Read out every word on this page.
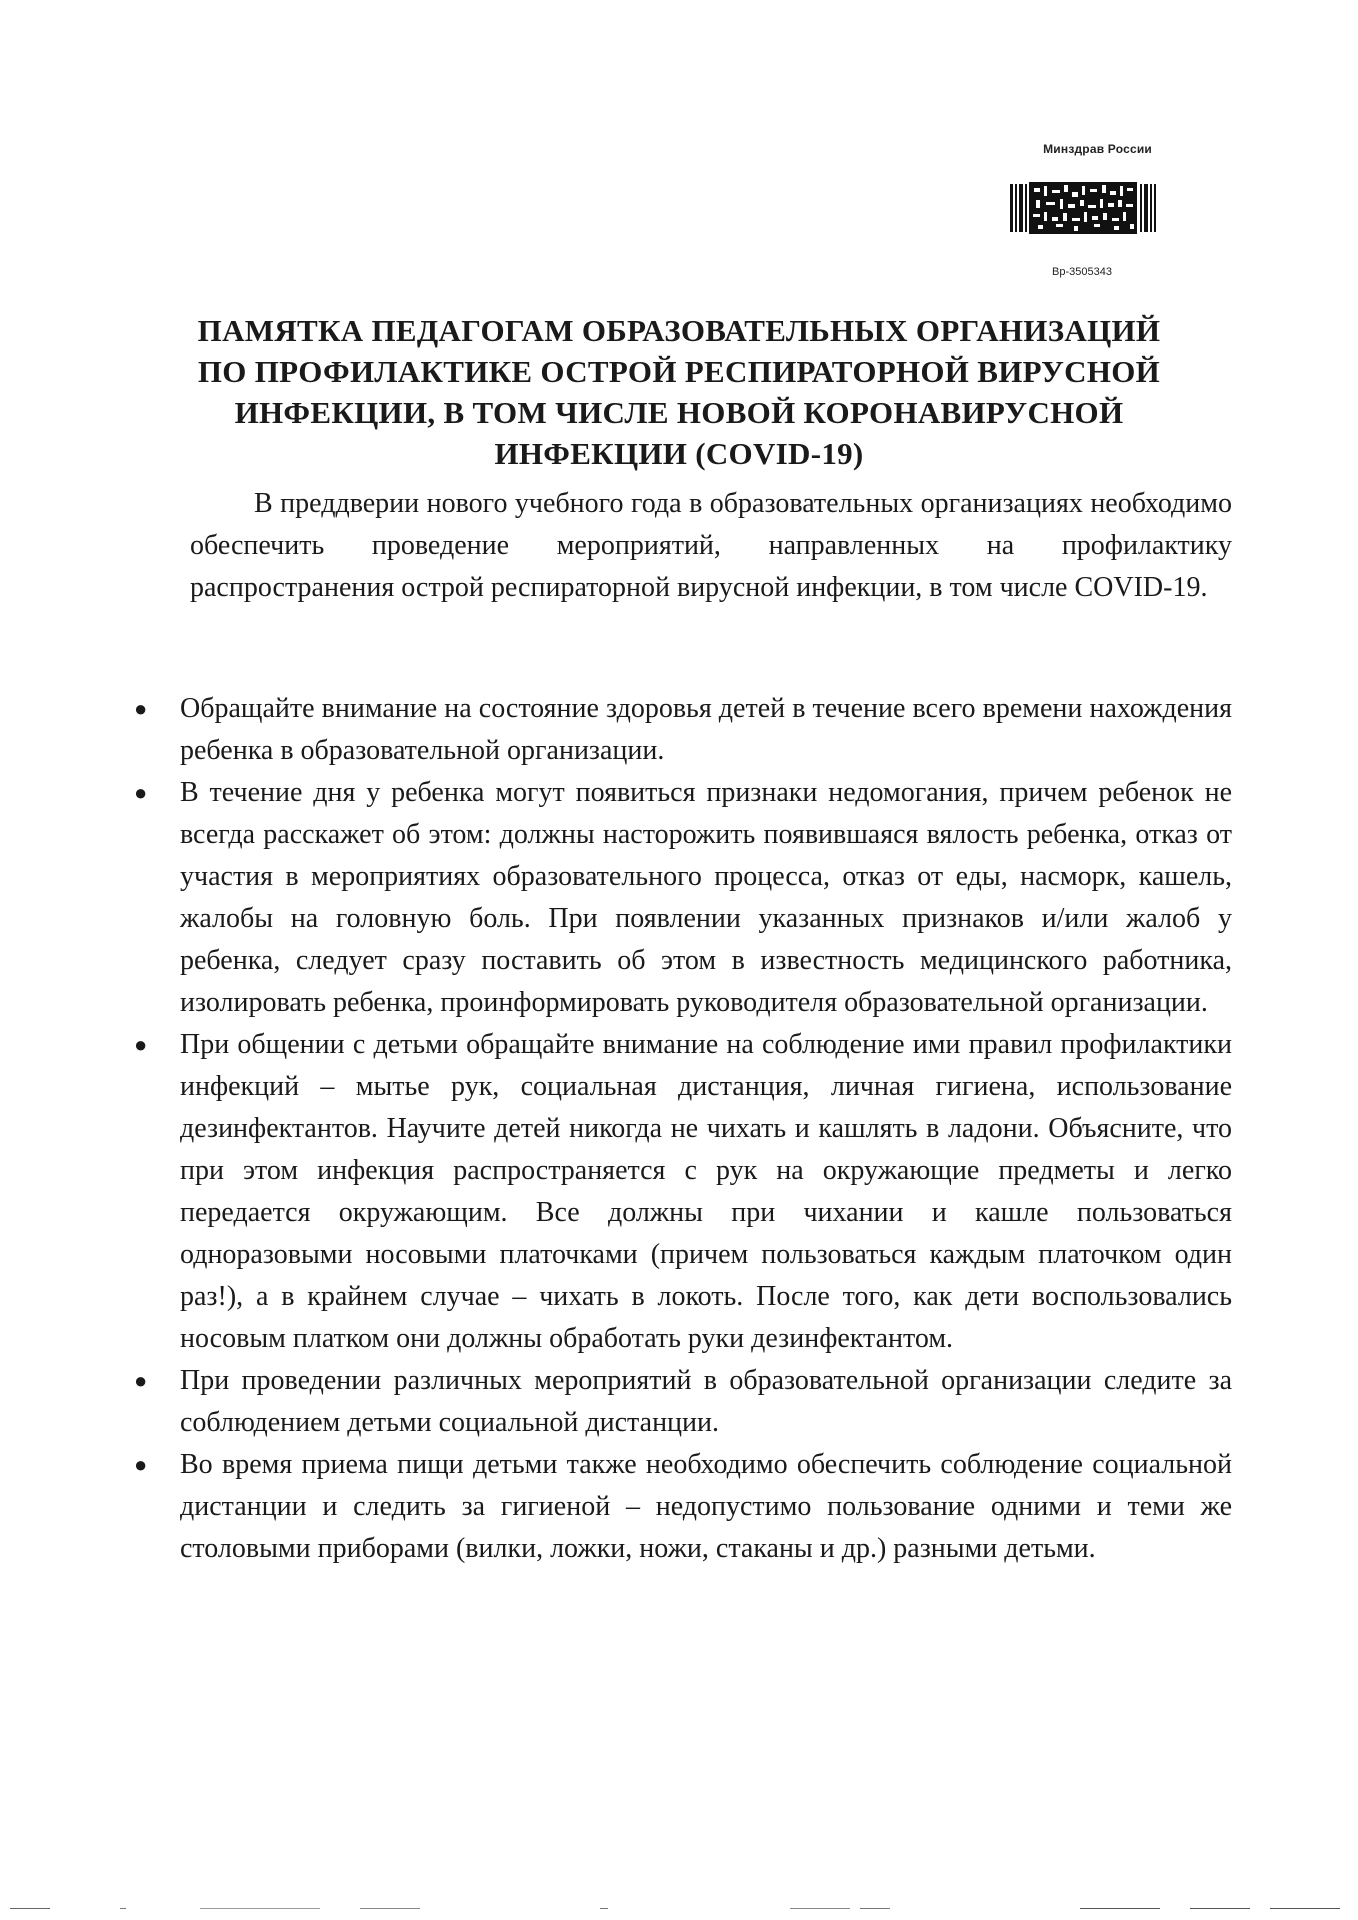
Минздрав России
Вр-3505343
ПАМЯТКА ПЕДАГОГАМ ОБРАЗОВАТЕЛЬНЫХ ОРГАНИЗАЦИЙ
ПО ПРОФИЛАКТИКЕ ОСТРОЙ РЕСПИРАТОРНОЙ ВИРУСНОЙ
ИНФЕКЦИИ, В ТОМ ЧИСЛЕ НОВОЙ КОРОНАВИРУСНОЙ
ИНФЕКЦИИ (COVID-19)

В преддверии нового учебного года в образовательных организациях необходимо обеспечить проведение мероприятий, направленных на профилактику распространения острой респираторной вирусной инфекции, в том числе COVID-19.

● Обращайте внимание на состояние здоровья детей в течение всего времени нахождения ребенка в образовательной организации.
● В течение дня у ребенка могут появиться признаки недомогания, причем ребенок не всегда расскажет об этом: должны насторожить появившаяся вялость ребенка, отказ от участия в мероприятиях образовательного процесса, отказ от еды, насморк, кашель, жалобы на головную боль. При появлении указанных признаков и/или жалоб у ребенка, следует сразу поставить об этом в известность медицинского работника, изолировать ребенка, проинформировать руководителя образовательной организации.
● При общении с детьми обращайте внимание на соблюдение ими правил профилактики инфекций – мытье рук, социальная дистанция, личная гигиена, использование дезинфектантов. Научите детей никогда не чихать и кашлять в ладони. Объясните, что при этом инфекция распространяется с рук на окружающие предметы и легко передается окружающим. Все должны при чихании и кашле пользоваться одноразовыми носовыми платочками (причем пользоваться каждым платочком один раз!), а в крайнем случае – чихать в локоть. После того, как дети воспользовались носовым платком они должны обработать руки дезинфектантом.
● При проведении различных мероприятий в образовательной организации следите за соблюдением детьми социальной дистанции.
● Во время приема пищи детьми также необходимо обеспечить соблюдение социальной дистанции и следить за гигиеной – недопустимо пользование одними и теми же столовыми приборами (вилки, ложки, ножи, стаканы и др.) разными детьми.
